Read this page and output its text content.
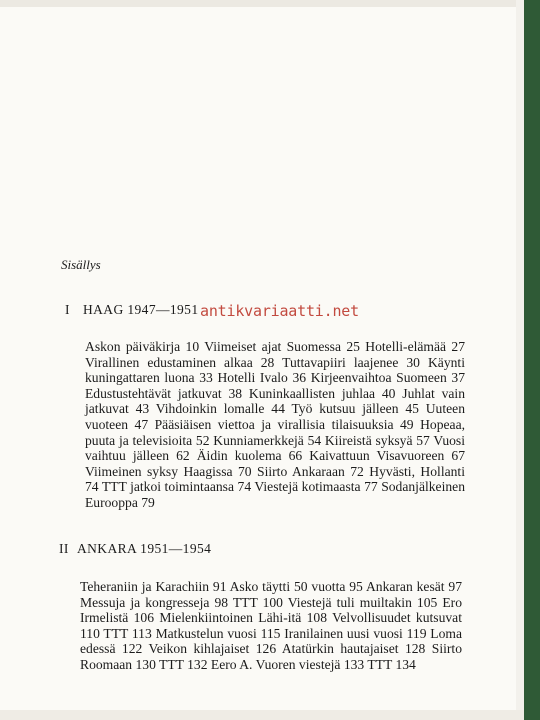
Sisällys
I HAAG 1947—1951
Askon päiväkirja 10 Viimeiset ajat Suomessa 25 Hotelli-elämää 27 Virallinen edustaminen alkaa 28 Tuttavapiiri laajenee 30 Käynti kuningattaren luona 33 Hotelli Ivalo 36 Kirjeenvaihtoa Suomeen 37 Edustustehtävät jatkuvat 38 Kuninkaallisten juhlaa 40 Juhlat vain jatkuvat 43 Vihdoinkin lomalle 44 Työ kutsuu jälleen 45 Uuteen vuoteen 47 Pääsiäisen viettoa ja virallisia tilaisuuksia 49 Hopeaa, puuta ja televisioita 52 Kunniamerkkejä 54 Kiireistä syksyä 57 Vuosi vaihtuu jälleen 62 Äidin kuolema 66 Kaivattuun Visavuoreen 67 Viimeinen syksy Haagissa 70 Siirto Ankaraan 72 Hyvästi, Hollanti 74 TTT jatkoi toimintaansa 74 Viestejä kotimaasta 77 Sodanjälkeinen Eurooppa 79
II ANKARA 1951—1954
Teheraniin ja Karachiin 91 Asko täytti 50 vuotta 95 Ankaran kesät 97 Messuja ja kongresseja 98 TTT 100 Viestejä tuli muiltakin 105 Ero Irmelistä 106 Mielenkiintoinen Lähi-itä 108 Velvollisuudet kutsuvat 110 TTT 113 Matkustelun vuosi 115 Iranilainen uusi vuosi 119 Loma edessä 122 Veikon kihlajaiset 126 Atatürkin hautajaiset 128 Siirto Roomaan 130 TTT 132 Eero A. Vuoren viestejä 133 TTT 134
antikvariaatti.net
